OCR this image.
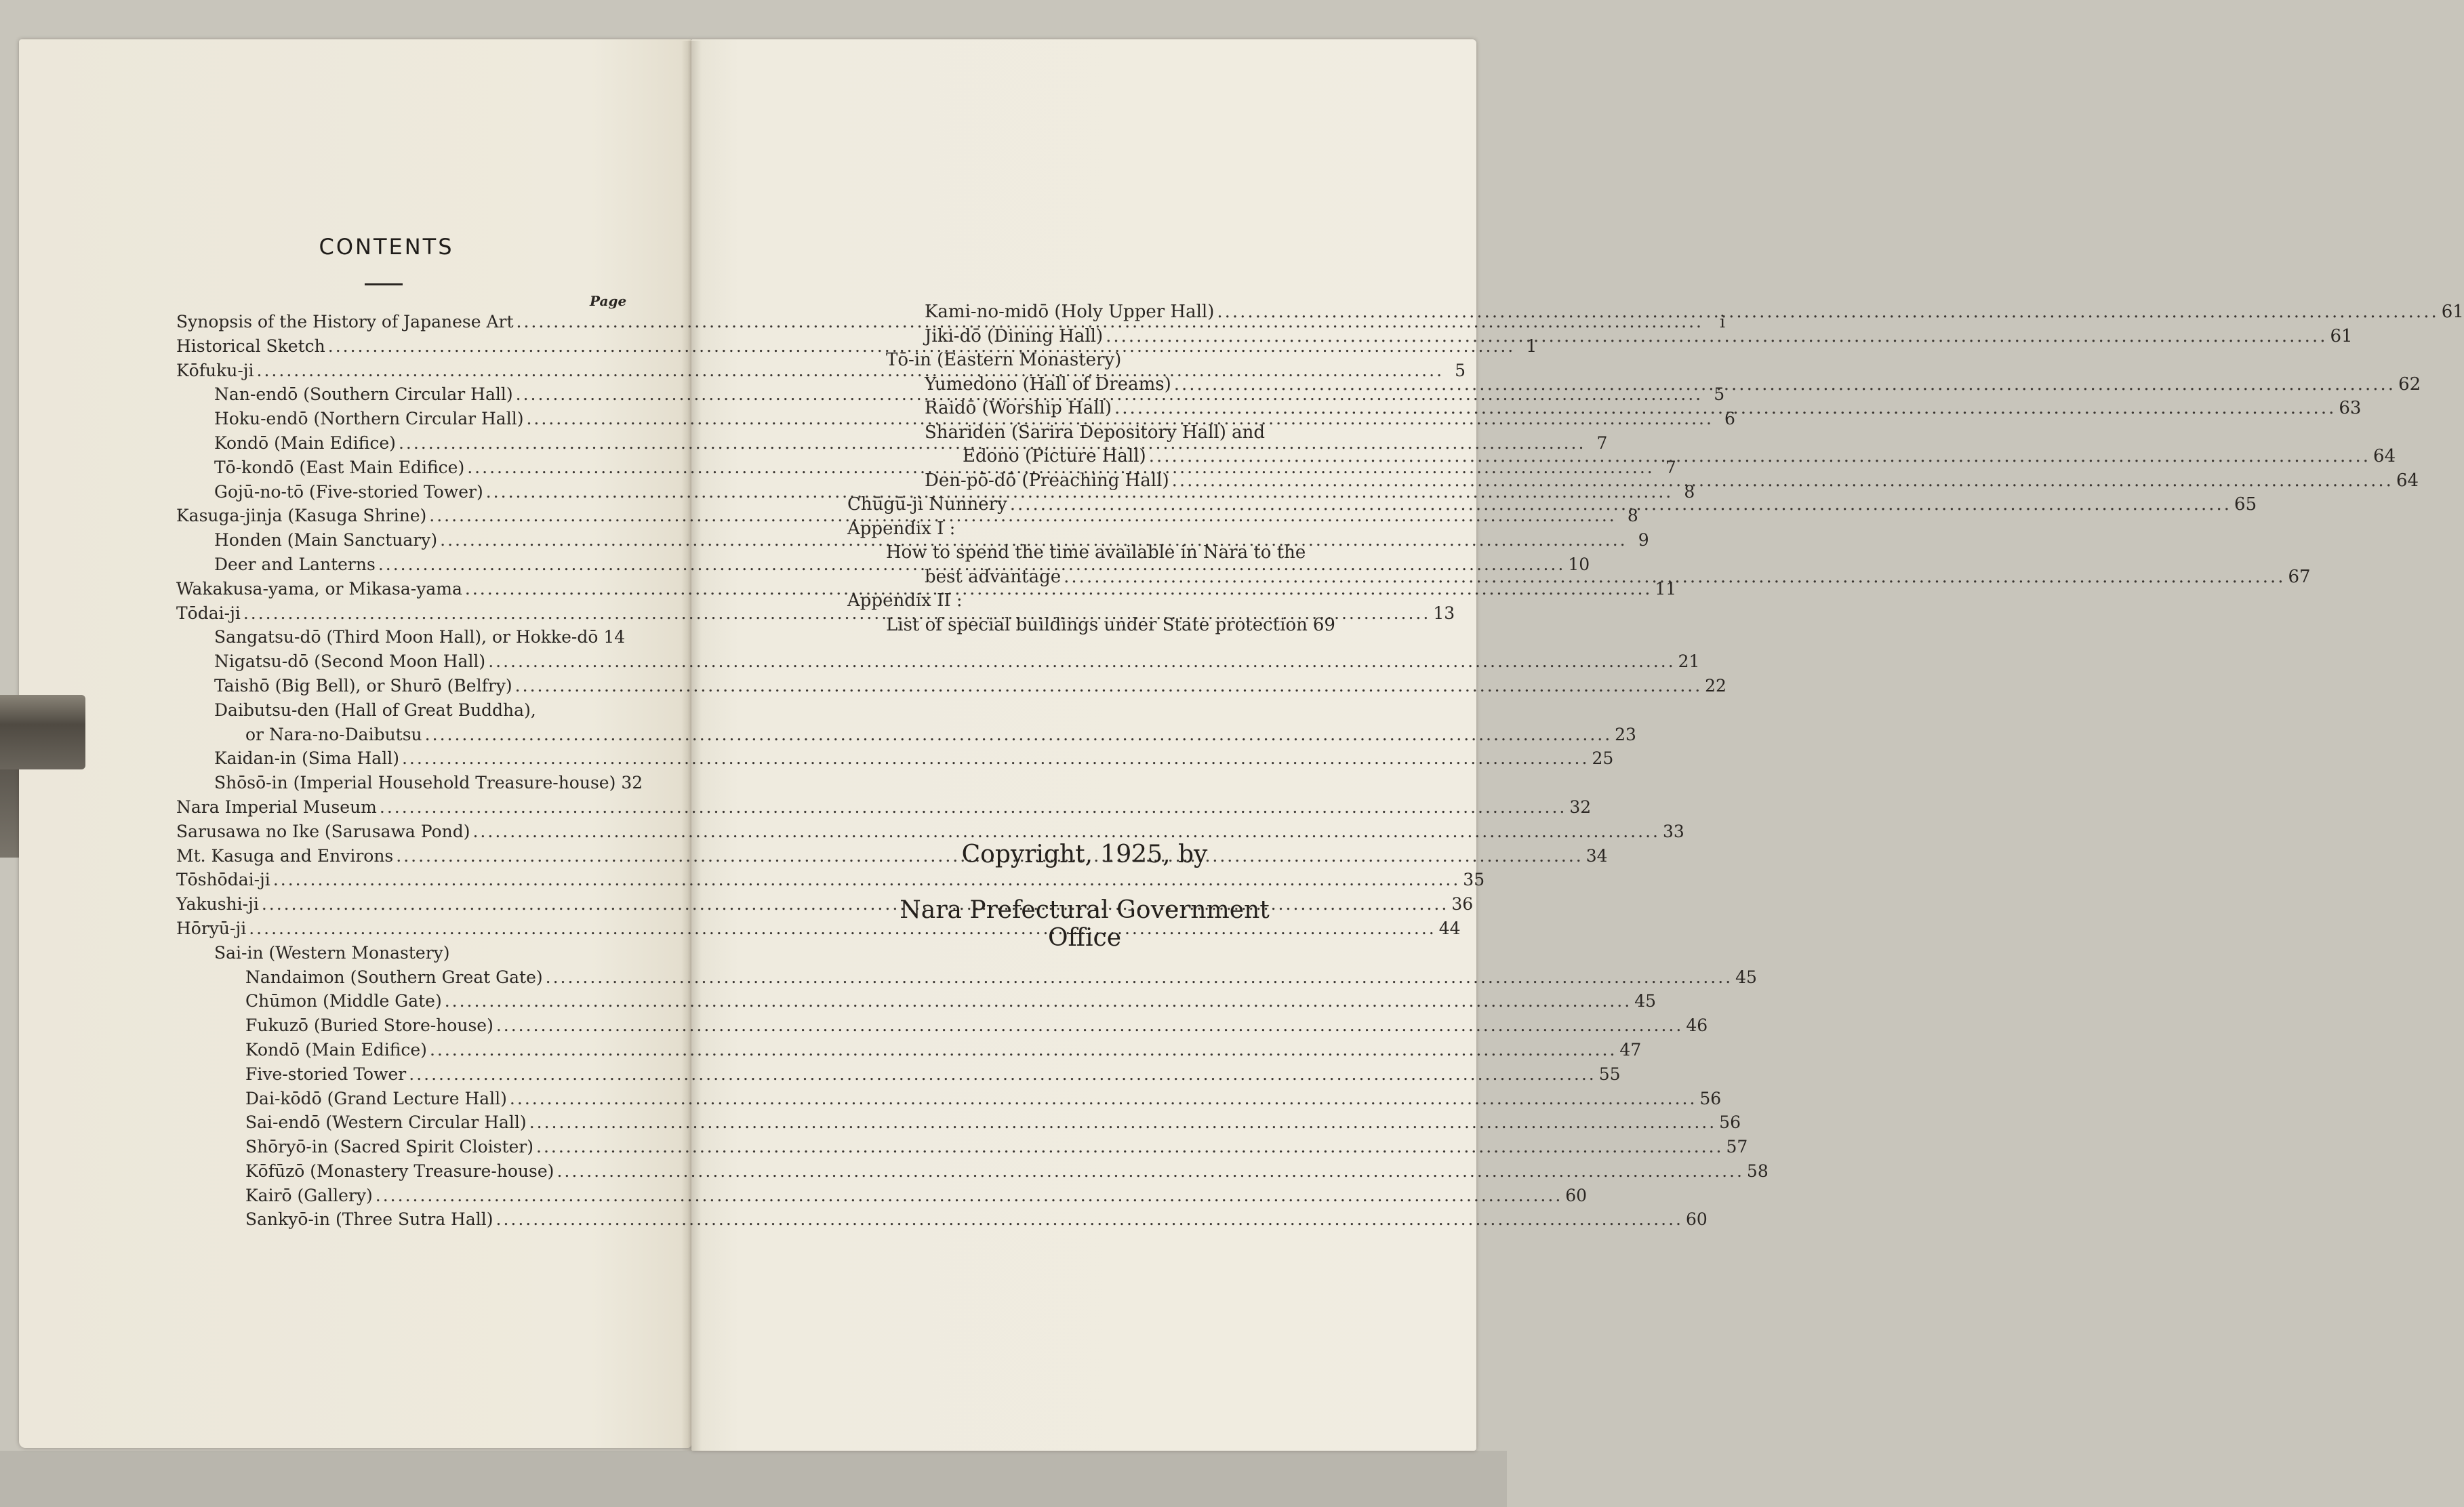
CONTENTS
Page
Synopsis of the History of Japanese Art .....	i
Historical Sketch .....	1
Kōfuku-ji .....	5
Nan-endō (Southern Circular Hall) .....	5
Hoku-endō (Northern Circular Hall) .....	6
Kondō (Main Edifice) .....	7
Tō-kondō (East Main Edifice) .....	7
Gojū-no-tō (Five-storied Tower) .....	8
Kasuga-jinja (Kasuga Shrine) .....	8
Honden (Main Sanctuary) .....	9
Deer and Lanterns .....	10
Wakakusa-yama, or Mikasa-yama .....	11
Tōdai-ji .....	13
Sangatsu-dō (Third Moon Hall), or Hokke-dō 14
Nigatsu-dō (Second Moon Hall) .....	21
Taishō (Big Bell), or Shurō (Belfry) .....	22
Daibutsu-den (Hall of Great Buddha),
or Nara-no-Daibutsu .....	23
Kaidan-in (Sima Hall) .....	25
Shōsō-in (Imperial Household Treasure-house) 32
Nara Imperial Museum .....	32
Sarusawa no Ike (Sarusawa Pond) .....	33
Mt. Kasuga and Environs .....	34
Tōshōdai-ji .....	35
Yakushi-ji .....	36
Hōryū-ji .....	44
Sai-in (Western Monastery)
Nandaimon (Southern Great Gate) .....	45
Chūmon (Middle Gate) .....	45
Fukuzō (Buried Store-house) .....	46
Kondō (Main Edifice) .....	47
Five-storied Tower .....	55
Dai-kōdō (Grand Lecture Hall) .....	56
Sai-endō (Western Circular Hall) .....	56
Shōryō-in (Sacred Spirit Cloister) .....	57
Kōfūzō (Monastery Treasure-house) .....	58
Kairō (Gallery) .....	60
Sankyō-in (Three Sutra Hall) .....	60
Kami-no-midō (Holy Upper Hall) .....	61
Jiki-dō (Dining Hall) .....	61
Tō-in (Eastern Monastery)
Yumedono (Hall of Dreams) .....	62
Raidō (Worship Hall) .....	63
Shariden (Sarira Depository Hall) and
Edono (Picture Hall) .....	64
Den-pō-dō (Preaching Hall) .....	64
Chūgū-ji Nunnery .....	65
Appendix I :
How to spend the time available in Nara to the
best advantage .....	67
Appendix II :
List of special buildings under State protection 69
Copyright, 1925, by
Nara Prefectural Government Office
